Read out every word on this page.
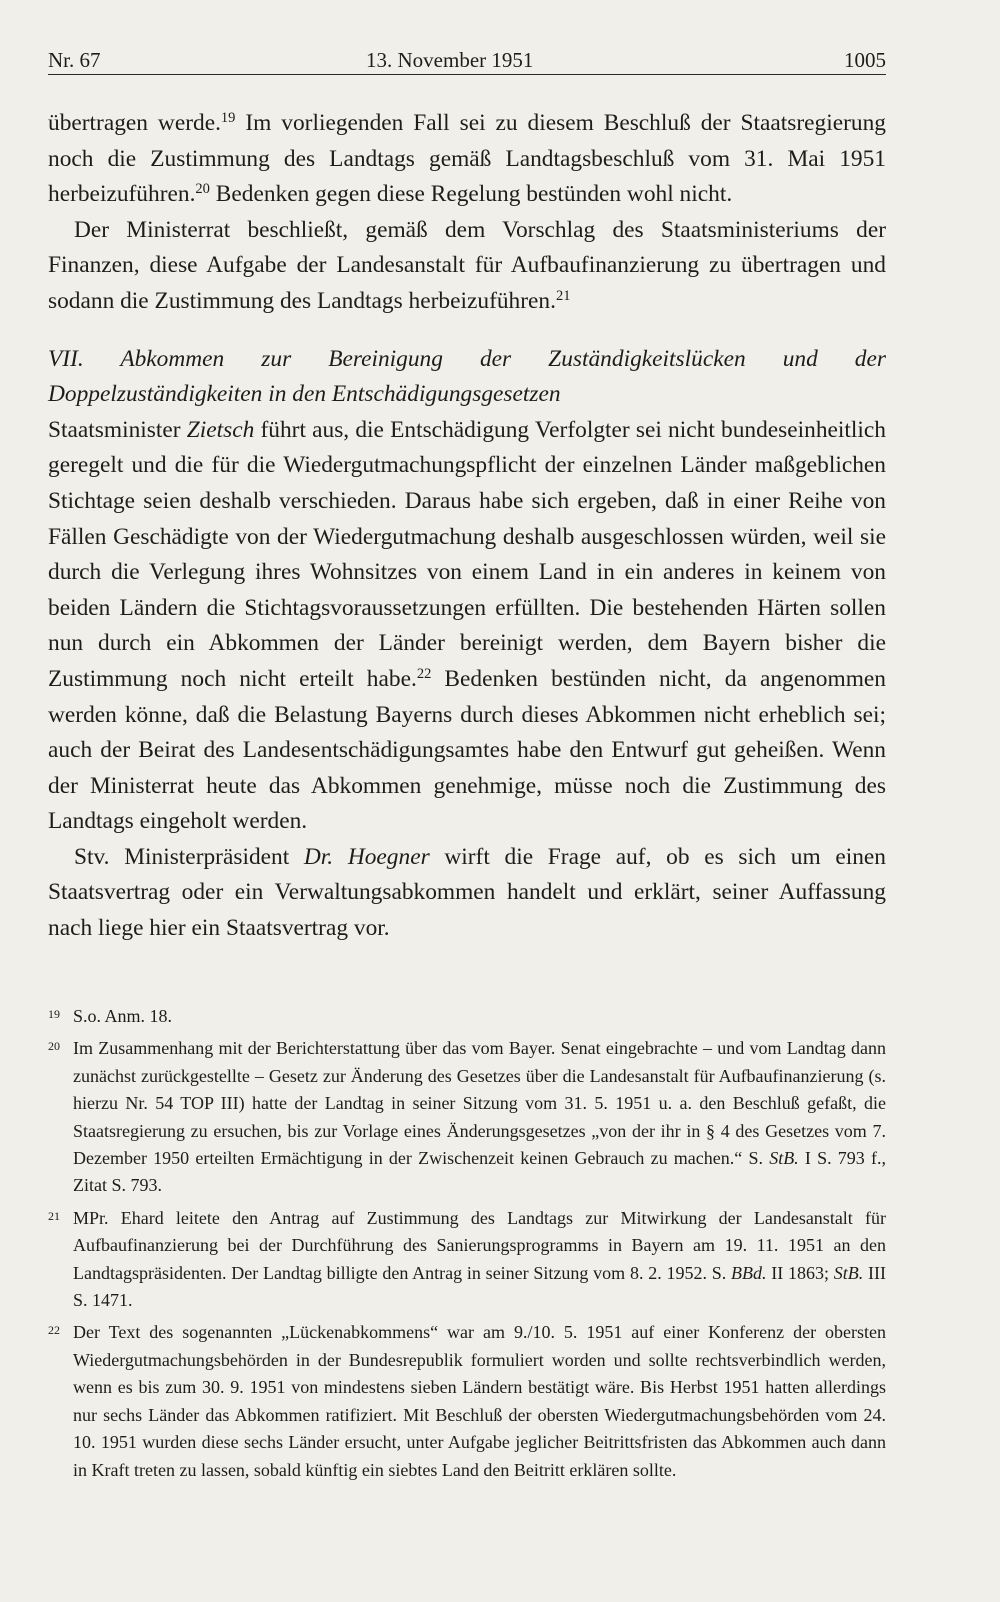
Nr. 67	13. November 1951	1005

übertragen werde.$^{19}$ Im vorliegenden Fall sei zu diesem Beschluß der Staatsregierung noch die Zustimmung des Landtags gemäß Landtagsbeschluß vom 31. Mai 1951 herbeizuführen.$^{20}$ Bedenken gegen diese Regelung bestünden wohl nicht.

Der Ministerrat beschließt, gemäß dem Vorschlag des Staatsministeriums der Finanzen, diese Aufgabe der Landesanstalt für Aufbaufinanzierung zu übertragen und sodann die Zustimmung des Landtags herbeizuführen.$^{21}$

VII. Abkommen zur Bereinigung der Zuständigkeitslücken und der Doppelzuständigkeiten in den Entschädigungsgesetzen

Staatsminister Zietsch führt aus, die Entschädigung Verfolgter sei nicht bundeseinheitlich geregelt und die für die Wiedergutmachungspflicht der einzelnen Länder maßgeblichen Stichtage seien deshalb verschieden. Daraus habe sich ergeben, daß in einer Reihe von Fällen Geschädigte von der Wiedergutmachung deshalb ausgeschlossen würden, weil sie durch die Verlegung ihres Wohnsitzes von einem Land in ein anderes in keinem von beiden Ländern die Stichtagsvoraussetzungen erfüllten. Die bestehenden Härten sollen nun durch ein Abkommen der Länder bereinigt werden, dem Bayern bisher die Zustimmung noch nicht erteilt habe.$^{22}$ Bedenken bestünden nicht, da angenommen werden könne, daß die Belastung Bayerns durch dieses Abkommen nicht erheblich sei; auch der Beirat des Landesentschädigungsamtes habe den Entwurf gut geheißen. Wenn der Ministerrat heute das Abkommen genehmige, müsse noch die Zustimmung des Landtags eingeholt werden.

Stv. Ministerpräsident Dr. Hoegner wirft die Frage auf, ob es sich um einen Staatsvertrag oder ein Verwaltungsabkommen handelt und erklärt, seiner Auffassung nach liege hier ein Staatsvertrag vor.

19 S.o. Anm. 18.

20 Im Zusammenhang mit der Berichterstattung über das vom Bayer. Senat eingebrachte – und vom Landtag dann zunächst zurückgestellte – Gesetz zur Änderung des Gesetzes über die Landesanstalt für Aufbaufinanzierung (s. hierzu Nr. 54 TOP III) hatte der Landtag in seiner Sitzung vom 31. 5. 1951 u. a. den Beschluß gefaßt, die Staatsregierung zu ersuchen, bis zur Vorlage eines Änderungsgesetzes „von der ihr in § 4 des Gesetzes vom 7. Dezember 1950 erteilten Ermächtigung in der Zwischenzeit keinen Gebrauch zu machen.“ S. StB. I S. 793 f., Zitat S. 793.

21 MPr. Ehard leitete den Antrag auf Zustimmung des Landtags zur Mitwirkung der Landesanstalt für Aufbaufinanzierung bei der Durchführung des Sanierungsprogramms in Bayern am 19. 11. 1951 an den Landtagspräsidenten. Der Landtag billigte den Antrag in seiner Sitzung vom 8. 2. 1952. S. BBd. II 1863; StB. III S. 1471.

22 Der Text des sogenannten „Lückenabkommens“ war am 9./10. 5. 1951 auf einer Konferenz der obersten Wiedergutmachungsbehörden in der Bundesrepublik formuliert worden und sollte rechtsverbindlich werden, wenn es bis zum 30. 9. 1951 von mindestens sieben Ländern bestätigt wäre. Bis Herbst 1951 hatten allerdings nur sechs Länder das Abkommen ratifiziert. Mit Beschluß der obersten Wiedergutmachungsbehörden vom 24. 10. 1951 wurden diese sechs Länder ersucht, unter Aufgabe jeglicher Beitrittsfristen das Abkommen auch dann in Kraft treten zu lassen, sobald künftig ein siebtes Land den Beitritt erklären sollte.
